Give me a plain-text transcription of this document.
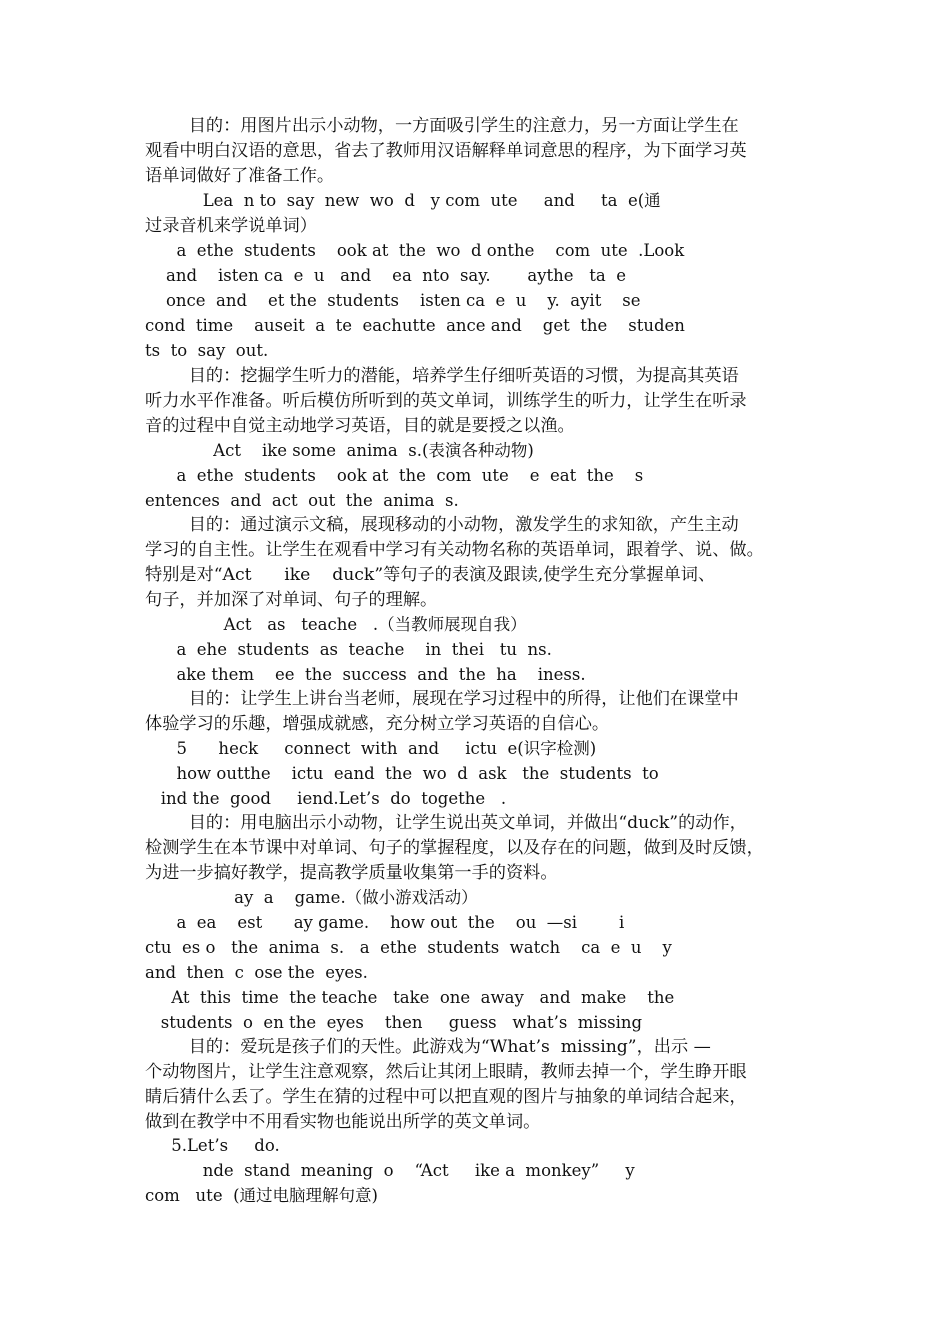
目的：用图片出示小动物，一方面吸引学生的注意力，另一方面让学生在
观看中明白汉语的意思，省去了教师用汉语解释单词意思的程序，为下面学习英
语单词做好了准备工作。
Lea  n to  say  new  wo  d   y com  ute     and     ta  e(通
过录音机来学说单词）
a  ethe  students    ook at  the  wo  d onthe    com  ute  .Look
and    isten ca  e  u   and    ea  nto  say.       aythe   ta  e
once  and    et the  students    isten ca  e  u    y.  ayit    se
cond  time    auseit  a  te  eachutte  ance and    get  the    studen
ts  to  say  out.
目的：挖掘学生听力的潜能，培养学生仔细听英语的习惯，为提高其英语
听力水平作准备。听后模仿所听到的英文单词，训练学生的听力，让学生在听录
音的过程中自觉主动地学习英语，目的就是要授之以渔。
Act    ike some  anima  s.(表演各种动物)
a  ethe  students    ook at  the  com  ute    e  eat  the    s
entences  and  act  out  the  anima  s.
目的：通过演示文稿，展现移动的小动物，激发学生的求知欲，产生主动
学习的自主性。让学生在观看中学习有关动物名称的英语单词，跟着学、说、做。
特别是对“Act      ike    duck”等句子的表演及跟读,使学生充分掌握单词、
句子，并加深了对单词、句子的理解。
Act   as   teache   .（当教师展现自我）
a  ehe  students  as  teache    in  thei   tu  ns.
ake them    ee  the  success  and  the  ha    iness.
目的：让学生上讲台当老师，展现在学习过程中的所得，让他们在课堂中
体验学习的乐趣，增强成就感，充分树立学习英语的自信心。
5      heck     connect  with  and     ictu  e(识字检测)
how outthe    ictu  eand  the  wo  d  ask   the  students  to
ind the  good     iend.Let’s  do  togethe   .
目的：用电脑出示小动物，让学生说出英文单词，并做出“duck”的动作，
检测学生在本节课中对单词、句子的掌握程度，以及存在的问题，做到及时反馈，
为进一步搞好教学，提高教学质量收集第一手的资料。
ay  a    game.（做小游戏活动）
a  ea    est      ay game.    how out  the    ou  —si        i
ctu  es o   the  anima  s.   a  ethe  students  watch    ca  e  u    y
and  then  c  ose the  eyes.
At  this  time  the teache   take  one  away   and  make    the
students  o  en the  eyes    then     guess   what’s  missing
目的：爱玩是孩子们的天性。此游戏为“What’s  missing”，出示 —
个动物图片，让学生注意观察，然后让其闭上眼睛，教师去掉一个，学生睁开眼
睛后猜什么丢了。学生在猜的过程中可以把直观的图片与抽象的单词结合起来，
做到在教学中不用看实物也能说出所学的英文单词。
5.Let’s     do.
nde  stand  meaning  o    “Act     ike a  monkey”     y
com   ute  (通过电脑理解句意)
